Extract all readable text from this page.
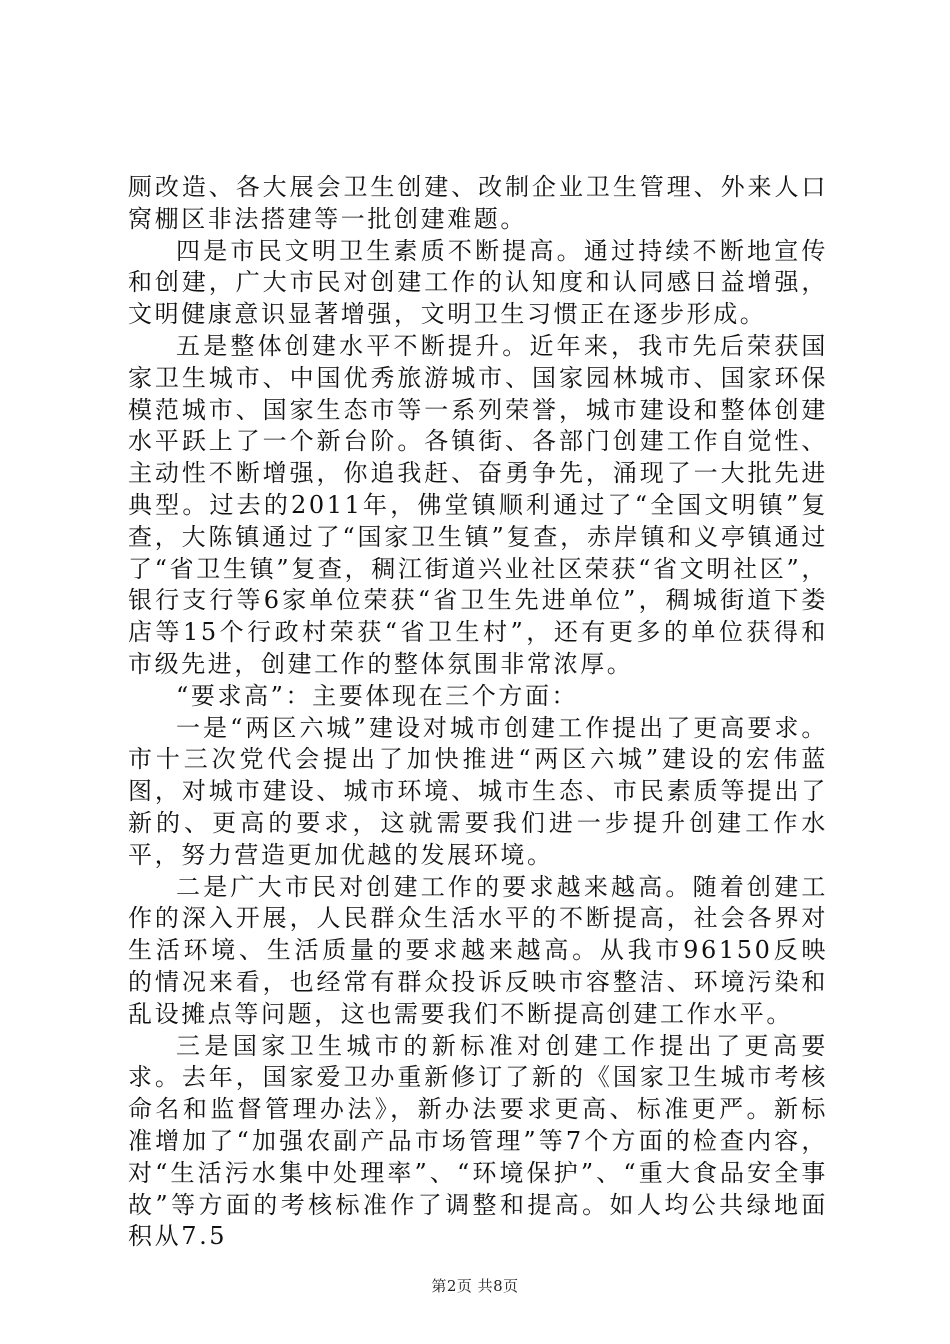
厕改造、各大展会卫生创建、改制企业卫生管理、外来人口窝棚区非法搭建等一批创建难题。

四是市民文明卫生素质不断提高。通过持续不断地宣传和创建，广大市民对创建工作的认知度和认同感日益增强，文明健康意识显著增强，文明卫生习惯正在逐步形成。

五是整体创建水平不断提升。近年来，我市先后荣获国家卫生城市、中国优秀旅游城市、国家园林城市、国家环保模范城市、国家生态市等一系列荣誉，城市建设和整体创建水平跃上了一个新台阶。各镇街、各部门创建工作自觉性、主动性不断增强，你追我赶、奋勇争先，涌现了一大批先进典型。过去的2011年，佛堂镇顺利通过了“全国文明镇”复查，大陈镇通过了“国家卫生镇”复查，赤岸镇和义亭镇通过了“省卫生镇”复查，稠江街道兴业社区荣获“省文明社区”，银行支行等6家单位荣获“省卫生先进单位”，稠城街道下娄店等15个行政村荣获“省卫生村”，还有更多的单位获得和市级先进，创建工作的整体氛围非常浓厚。

“要求高”：主要体现在三个方面：

一是“两区六城”建设对城市创建工作提出了更高要求。市十三次党代会提出了加快推进“两区六城”建设的宏伟蓝图，对城市建设、城市环境、城市生态、市民素质等提出了新的、更高的要求，这就需要我们进一步提升创建工作水平，努力营造更加优越的发展环境。

二是广大市民对创建工作的要求越来越高。随着创建工作的深入开展，人民群众生活水平的不断提高，社会各界对生活环境、生活质量的要求越来越高。从我市96150反映的情况来看，也经常有群众投诉反映市容整洁、环境污染和乱设摊点等问题，这也需要我们不断提高创建工作水平。

三是国家卫生城市的新标准对创建工作提出了更高要求。去年，国家爱卫办重新修订了新的《国家卫生城市考核命名和监督管理办法》，新办法要求更高、标准更严。新标准增加了“加强农副产品市场管理”等7个方面的检查内容，对“生活污水集中处理率”、“环境保护”、“重大食品安全事故”等方面的考核标准作了调整和提高。如人均公共绿地面积从7.5

第2页 共8页
